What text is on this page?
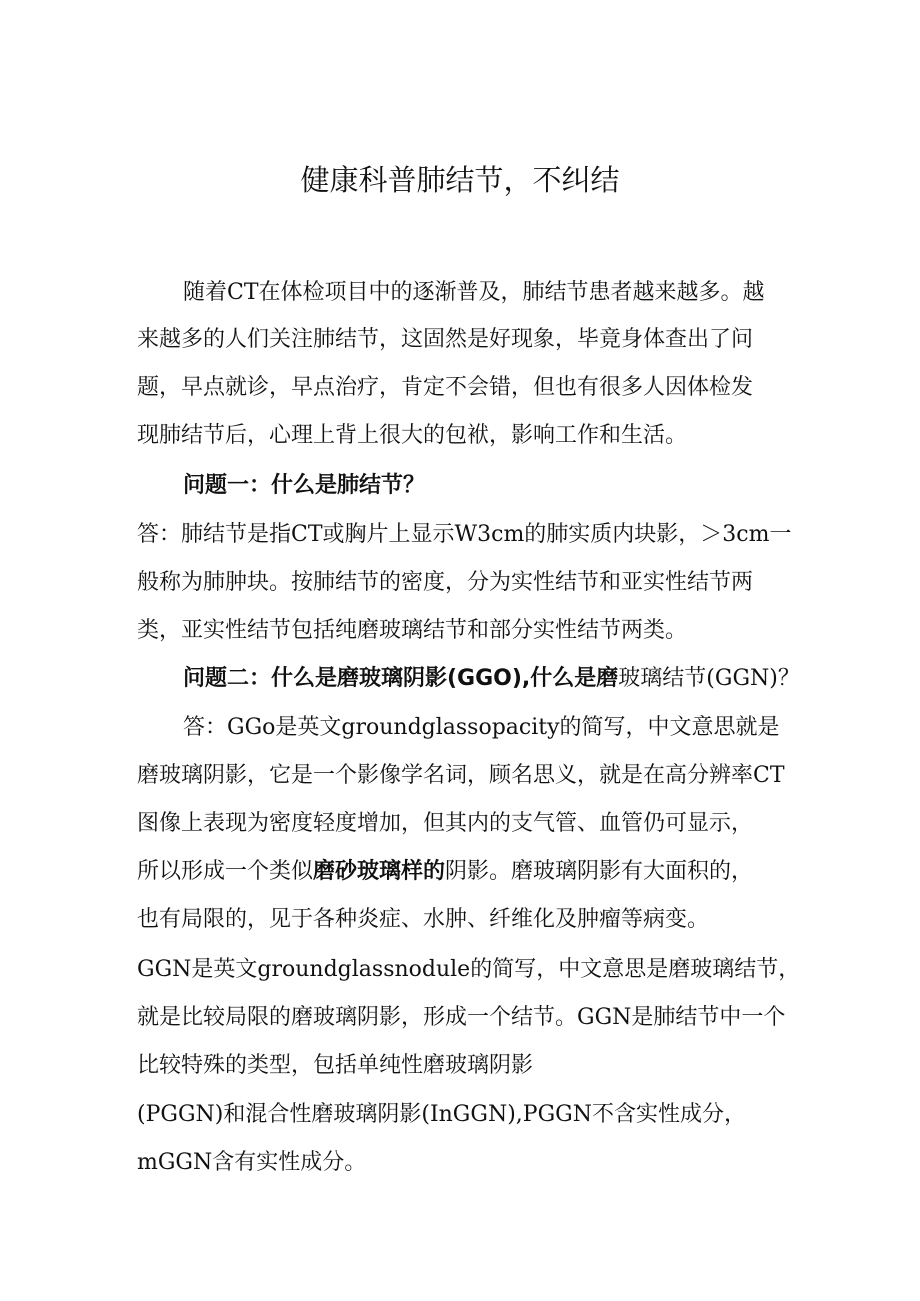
健康科普肺结节，不纠结
随着CT在体检项目中的逐渐普及，肺结节患者越来越多。越
来越多的人们关注肺结节，这固然是好现象，毕竟身体查出了问
题，早点就诊，早点治疗，肯定不会错，但也有很多人因体检发
现肺结节后，心理上背上很大的包袱，影响工作和生活。
问题一：什么是肺结节？
答：肺结节是指CT或胸片上显示W3cm的肺实质内块影，＞3cm一
般称为肺肿块。按肺结节的密度，分为实性结节和亚实性结节两
类，亚实性结节包括纯磨玻璃结节和部分实性结节两类。
问题二：什么是磨玻璃阴影(GGO),什么是磨玻璃结节(GGN)？
答：GGo是英文groundglassopacity的简写，中文意思就是
磨玻璃阴影，它是一个影像学名词，顾名思义，就是在高分辨率CT
图像上表现为密度轻度增加，但其内的支气管、血管仍可显示，
所以形成一个类似磨砂玻璃样的阴影。磨玻璃阴影有大面积的，
也有局限的，见于各种炎症、水肿、纤维化及肿瘤等病变。
GGN是英文groundglassnodule的简写，中文意思是磨玻璃结节，
就是比较局限的磨玻璃阴影，形成一个结节。GGN是肺结节中一个
比较特殊的类型，包括单纯性磨玻璃阴影
(PGGN)和混合性磨玻璃阴影(InGGN),PGGN不含实性成分，
mGGN含有实性成分。
